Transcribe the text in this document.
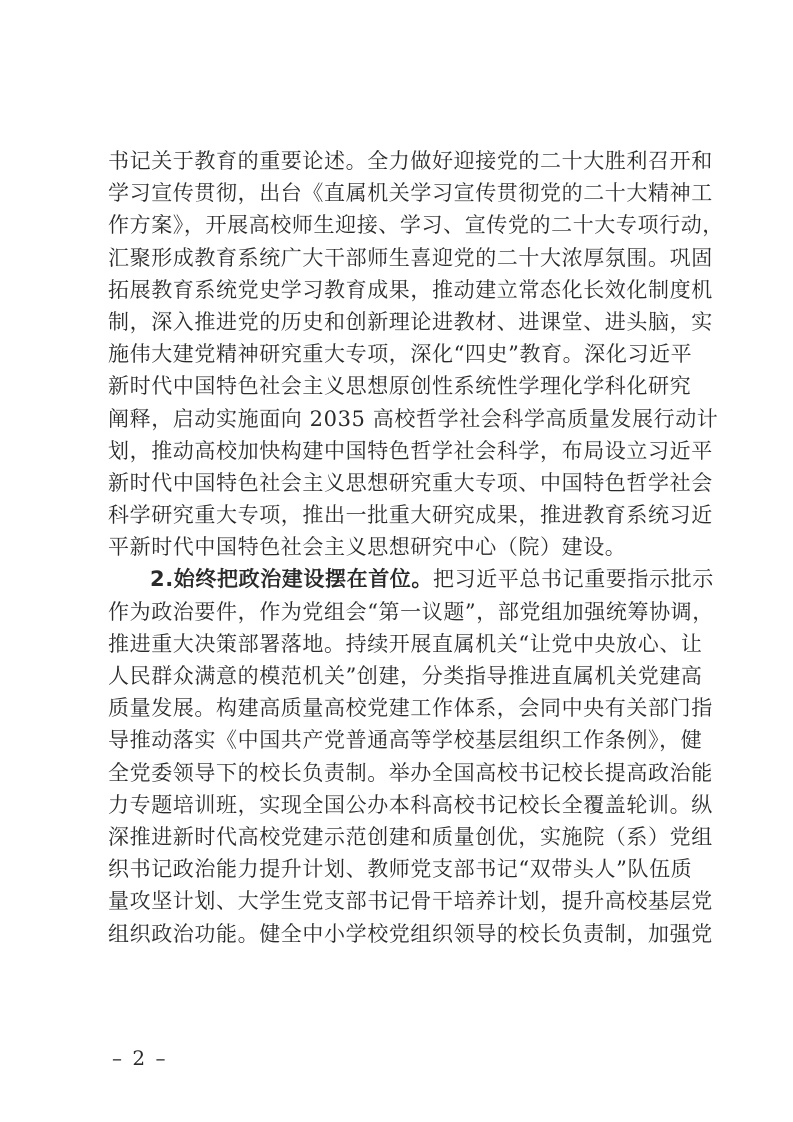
书记关于教育的重要论述。全力做好迎接党的二十大胜利召开和
学习宣传贯彻，出台《直属机关学习宣传贯彻党的二十大精神工
作方案》，开展高校师生迎接、学习、宣传党的二十大专项行动，
汇聚形成教育系统广大干部师生喜迎党的二十大浓厚氛围。巩固
拓展教育系统党史学习教育成果，推动建立常态化长效化制度机
制，深入推进党的历史和创新理论进教材、进课堂、进头脑，实
施伟大建党精神研究重大专项，深化“四史”教育。深化习近平
新时代中国特色社会主义思想原创性系统性学理化学科化研究
阐释，启动实施面向 2035 高校哲学社会科学高质量发展行动计
划，推动高校加快构建中国特色哲学社会科学，布局设立习近平
新时代中国特色社会主义思想研究重大专项、中国特色哲学社会
科学研究重大专项，推出一批重大研究成果，推进教育系统习近
平新时代中国特色社会主义思想研究中心（院）建设。
2.始终把政治建设摆在首位。把习近平总书记重要指示批示
作为政治要件，作为党组会“第一议题”，部党组加强统筹协调，
推进重大决策部署落地。持续开展直属机关“让党中央放心、让
人民群众满意的模范机关”创建，分类指导推进直属机关党建高
质量发展。构建高质量高校党建工作体系，会同中央有关部门指
导推动落实《中国共产党普通高等学校基层组织工作条例》，健
全党委领导下的校长负责制。举办全国高校书记校长提高政治能
力专题培训班，实现全国公办本科高校书记校长全覆盖轮训。纵
深推进新时代高校党建示范创建和质量创优，实施院（系）党组
织书记政治能力提升计划、教师党支部书记“双带头人”队伍质
量攻坚计划、大学生党支部书记骨干培养计划，提升高校基层党
组织政治功能。健全中小学校党组织领导的校长负责制，加强党
– 2 –
